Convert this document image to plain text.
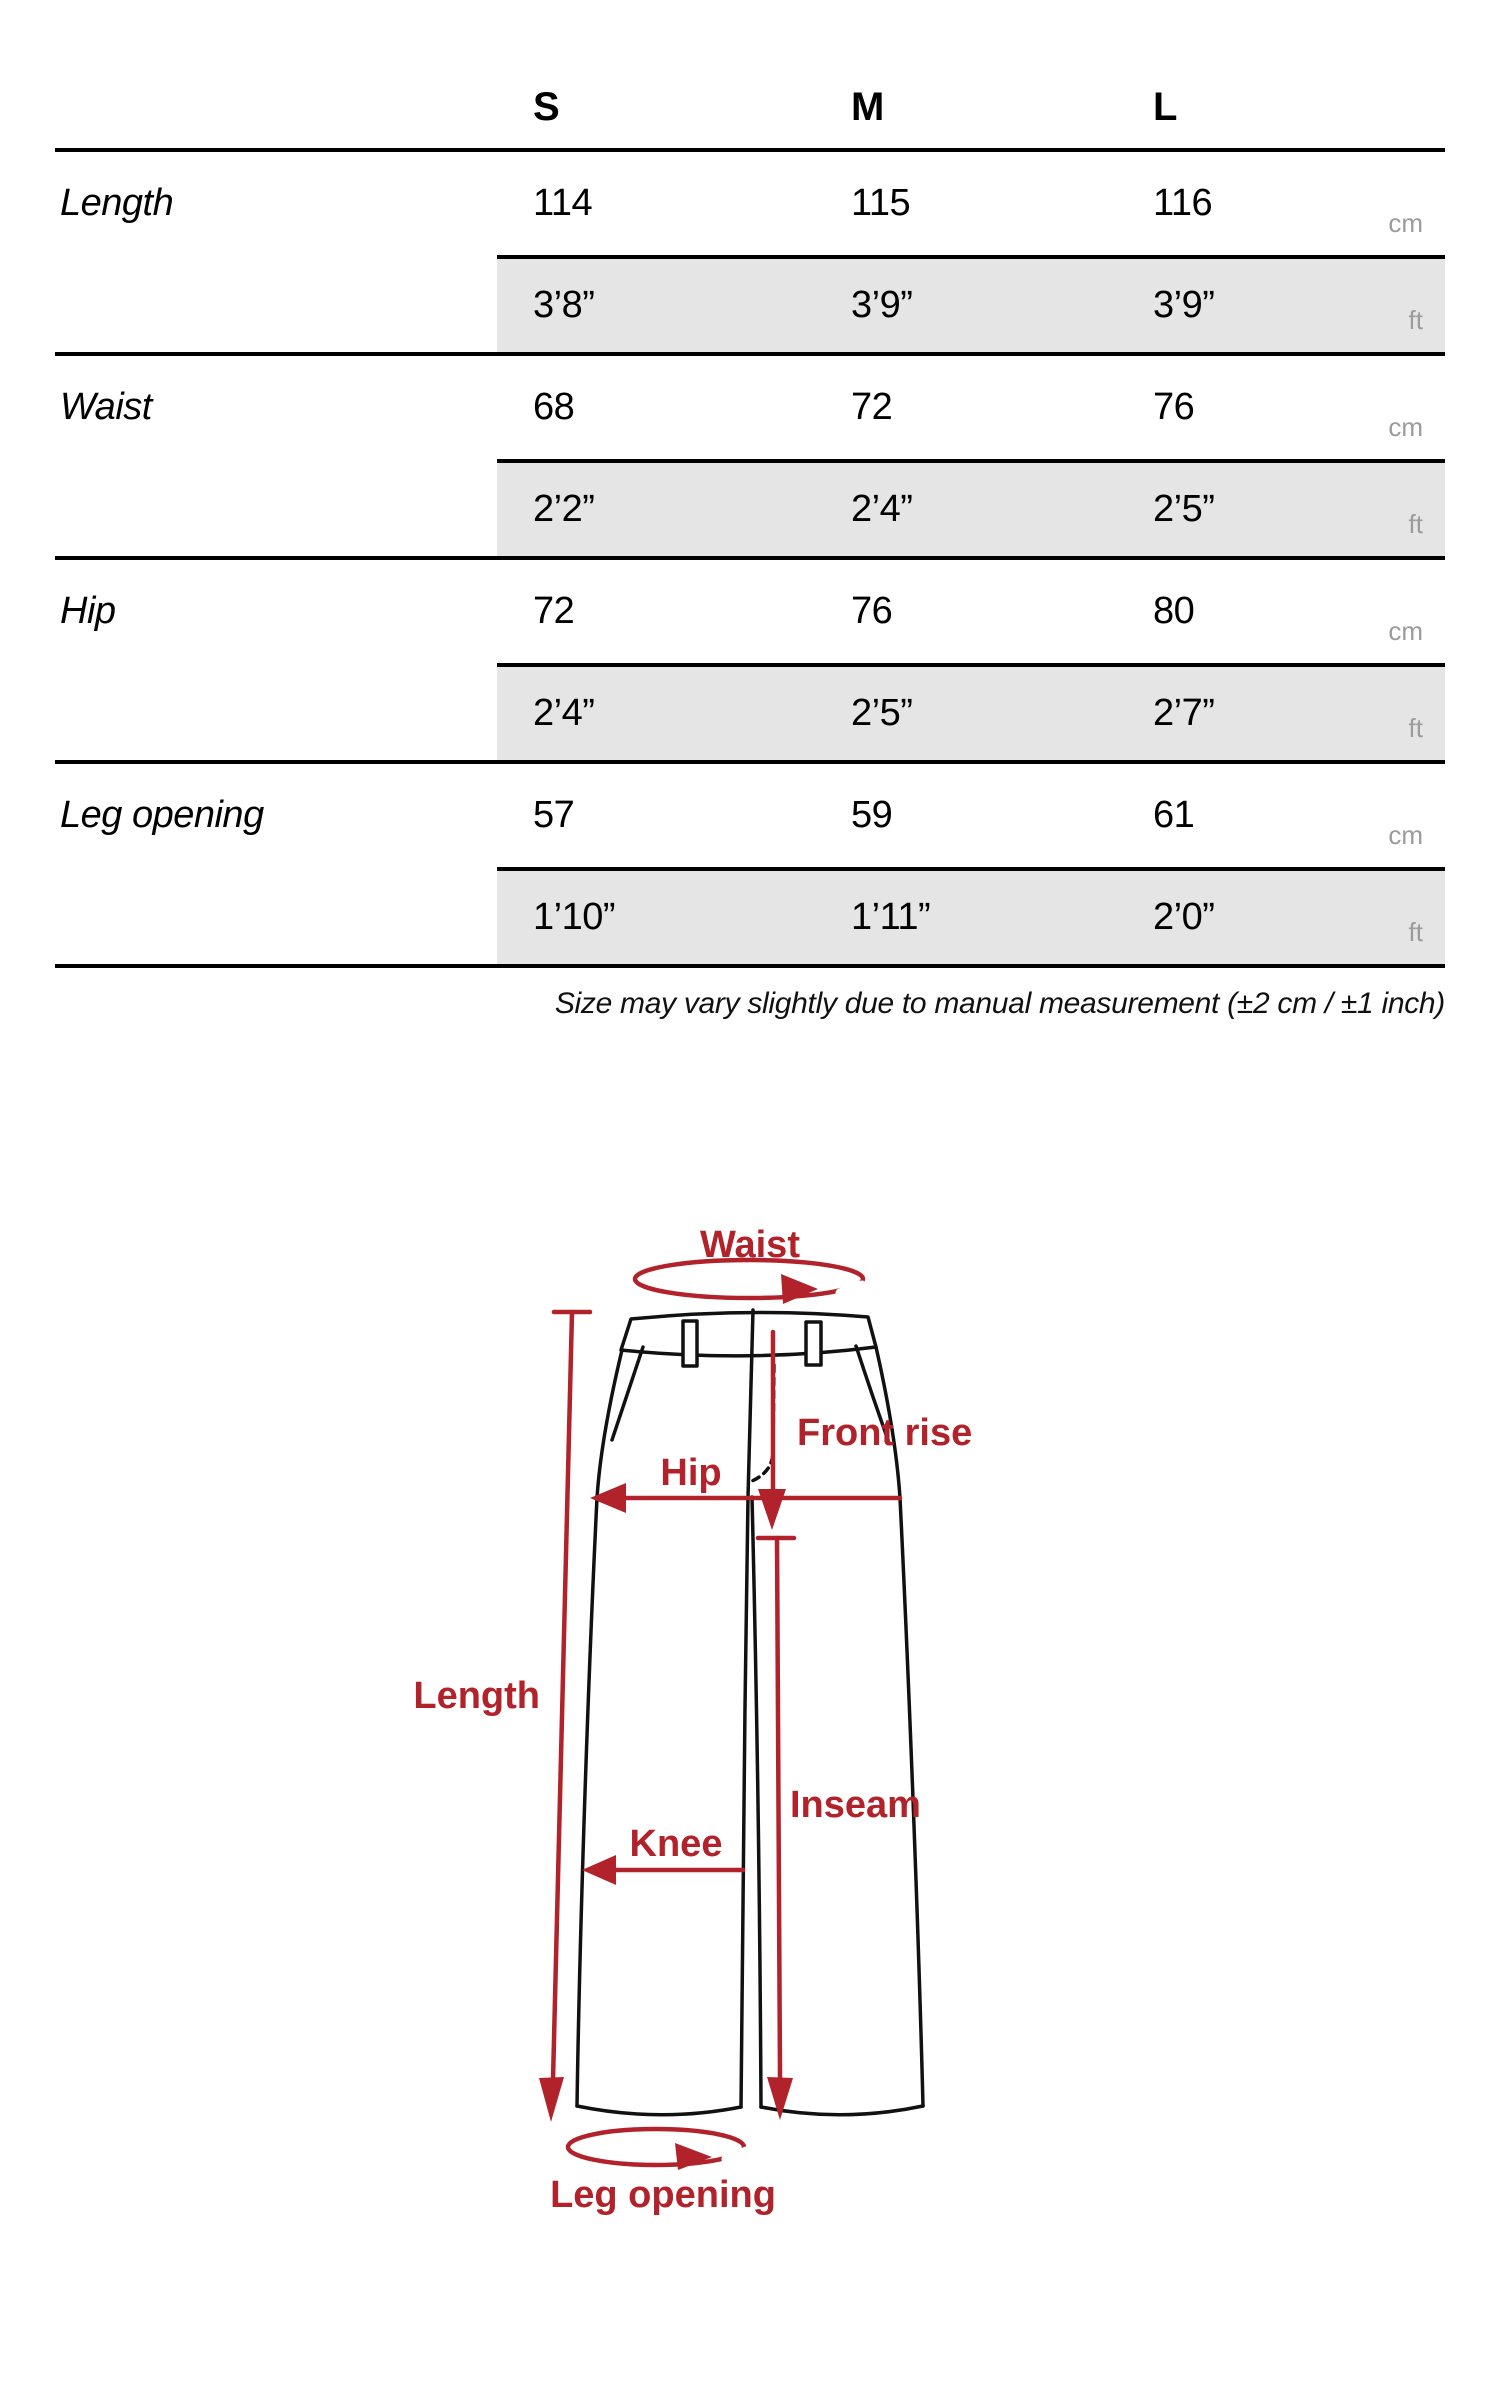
S	M	L
Length	114	115	116	cm
3’8”	3’9”	3’9”	ft
Waist	68	72	76	cm
2’2”	2’4”	2’5”	ft
Hip	72	76	80	cm
2’4”	2’5”	2’7”	ft
Leg opening	57	59	61	cm
1’10”	1’11”	2’0”	ft
Size may vary slightly due to manual measurement (±2 cm / ±1 inch)
Waist
Front rise
Hip
Length
Inseam
Knee
Leg opening
